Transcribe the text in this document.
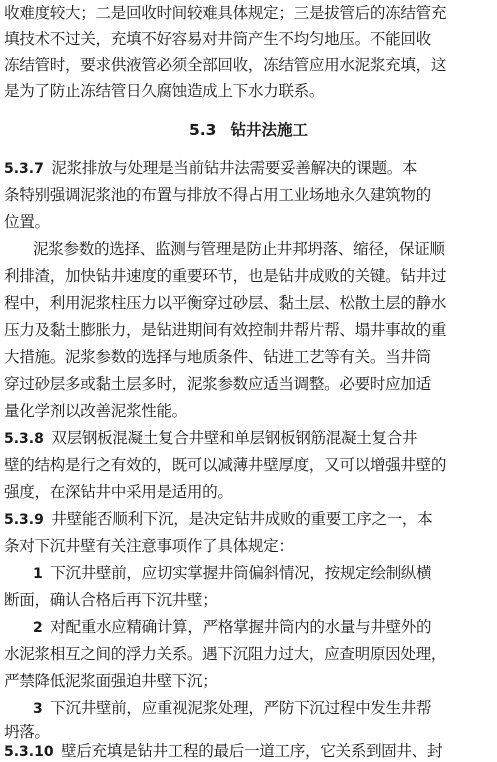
收难度较大；二是回收时间较难具体规定；三是拔管后的冻结管充
填技术不过关，充填不好容易对井筒产生不均匀地压。不能回收
冻结管时，要求供液管必须全部回收，冻结管应用水泥浆充填，这
是为了防止冻结管日久腐蚀造成上下水力联系。
5.3 钻井法施工
5.3.7  泥浆排放与处理是当前钻井法需要妥善解决的课题。本
条特别强调泥浆池的布置与排放不得占用工业场地永久建筑物的
位置。
泥浆参数的选择、监测与管理是防止井邦坍落、缩径，保证顺
利排渣，加快钻井速度的重要环节，也是钻井成败的关键。钻井过
程中，利用泥浆柱压力以平衡穿过砂层、黏土层、松散土层的静水
压力及黏土膨胀力，是钻进期间有效控制井帮片帮、塌井事故的重
大措施。泥浆参数的选择与地质条件、钻进工艺等有关。当井筒
穿过砂层多或黏土层多时，泥浆参数应适当调整。必要时应加适
量化学剂以改善泥浆性能。
5.3.8  双层钢板混凝土复合井壁和单层钢板钢筋混凝土复合井
壁的结构是行之有效的，既可以减薄井壁厚度，又可以增强井壁的
强度，在深钻井中采用是适用的。
5.3.9  井壁能否顺利下沉，是决定钻井成败的重要工序之一，本
条对下沉井壁有关注意事项作了具体规定：
1  下沉井壁前，应切实掌握井筒偏斜情况，按规定绘制纵横
断面，确认合格后再下沉井壁；
2  对配重水应精确计算，严格掌握井筒内的水量与井壁外的
水泥浆相互之间的浮力关系。遇下沉阻力过大，应查明原因处理，
严禁降低泥浆面强迫井壁下沉；
3  下沉井壁前，应重视泥浆处理，严防下沉过程中发生井帮
坍落。
5.3.10  壁后充填是钻井工程的最后一道工序，它关系到固井、封
